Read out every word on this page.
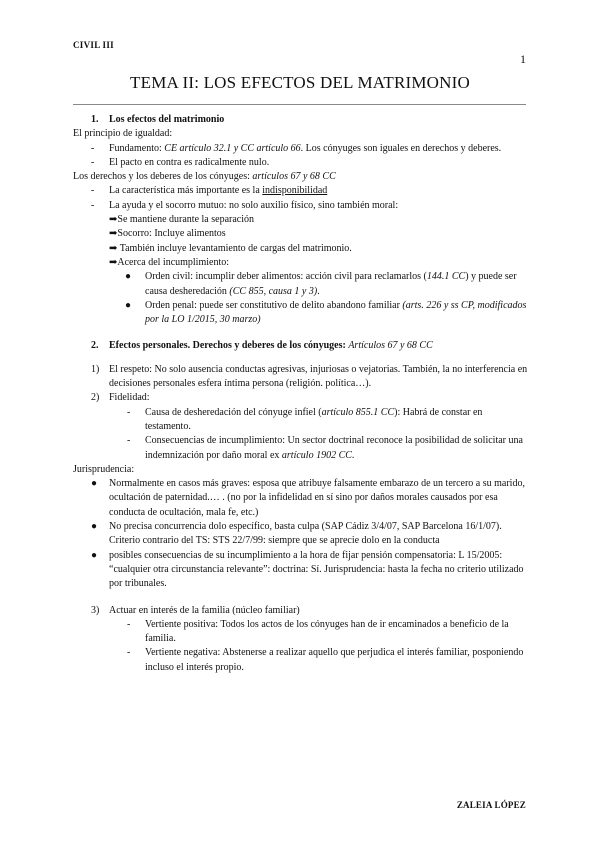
CIVIL III
1
TEMA II: LOS EFECTOS DEL MATRIMONIO
1.	Los efectos del matrimonio

El principio de igualdad:

-	Fundamento: CE artículo 32.1 y CC artículo 66. Los cónyuges son iguales en derechos y deberes.
-	El pacto en contra es radicalmente nulo.

Los derechos y los deberes de los cónyuges: artículos 67 y 68 CC

-	La característica más importante es la indisponibilidad
-	La ayuda y el socorro mutuo: no solo auxilio físico, sino también moral:
➡Se mantiene durante la separación
➡Socorro: Incluye alimentos
➡ También incluye levantamiento de cargas del matrimonio.
➡Acerca del incumplimiento:
●	Orden civil: incumplir deber alimentos: acción civil para reclamarlos (144.1 CC) y puede ser causa desheredación (CC 855, causa 1 y 3).
●	Orden penal: puede ser constitutivo de delito abandono familiar (arts. 226 y ss CP, modificados por la LO 1/2015, 30 marzo)
2.	Efectos personales. Derechos y deberes de los cónyuges: Artículos 67 y 68 CC
1) El respeto: No solo ausencia conductas agresivas, injuriosas o vejatorias. También, la no interferencia en decisiones personales esfera íntima persona (religión. política…).
2) Fidelidad:
-	Causa de desheredación del cónyuge infiel (artículo 855.1 CC): Habrá de constar en testamento.
-	Consecuencias de incumplimiento: Un sector doctrinal reconoce la posibilidad de solicitar una indemnización por daño moral ex artículo 1902 CC.

Jurisprudencia:

●	Normalmente en casos más graves: esposa que atribuye falsamente embarazo de un tercero a su marido, ocultación de paternidad.… . (no por la infidelidad en sí sino por daños morales causados por esa conducta de ocultación, mala fe, etc.)
●	No precisa concurrencia dolo específico, basta culpa (SAP Cádiz 3/4/07, SAP Barcelona 16/1/07). Criterio contrario del TS: STS 22/7/99: siempre que se aprecie dolo en la conducta
●	posibles consecuencias de su incumplimiento a la hora de fijar pensión compensatoria: L 15/2005: “cualquier otra circunstancia relevante”: doctrina: Sí. Jurisprudencia: hasta la fecha no criterio utilizado por tribunales.
3) Actuar en interés de la familia (núcleo familiar)
-	Vertiente positiva: Todos los actos de los cónyuges han de ir encaminados a beneficio de la familia.
-	Vertiente negativa: Abstenerse a realizar aquello que perjudica el interés familiar, posponiendo incluso el interés propio.
ZALEIA LÓPEZ
